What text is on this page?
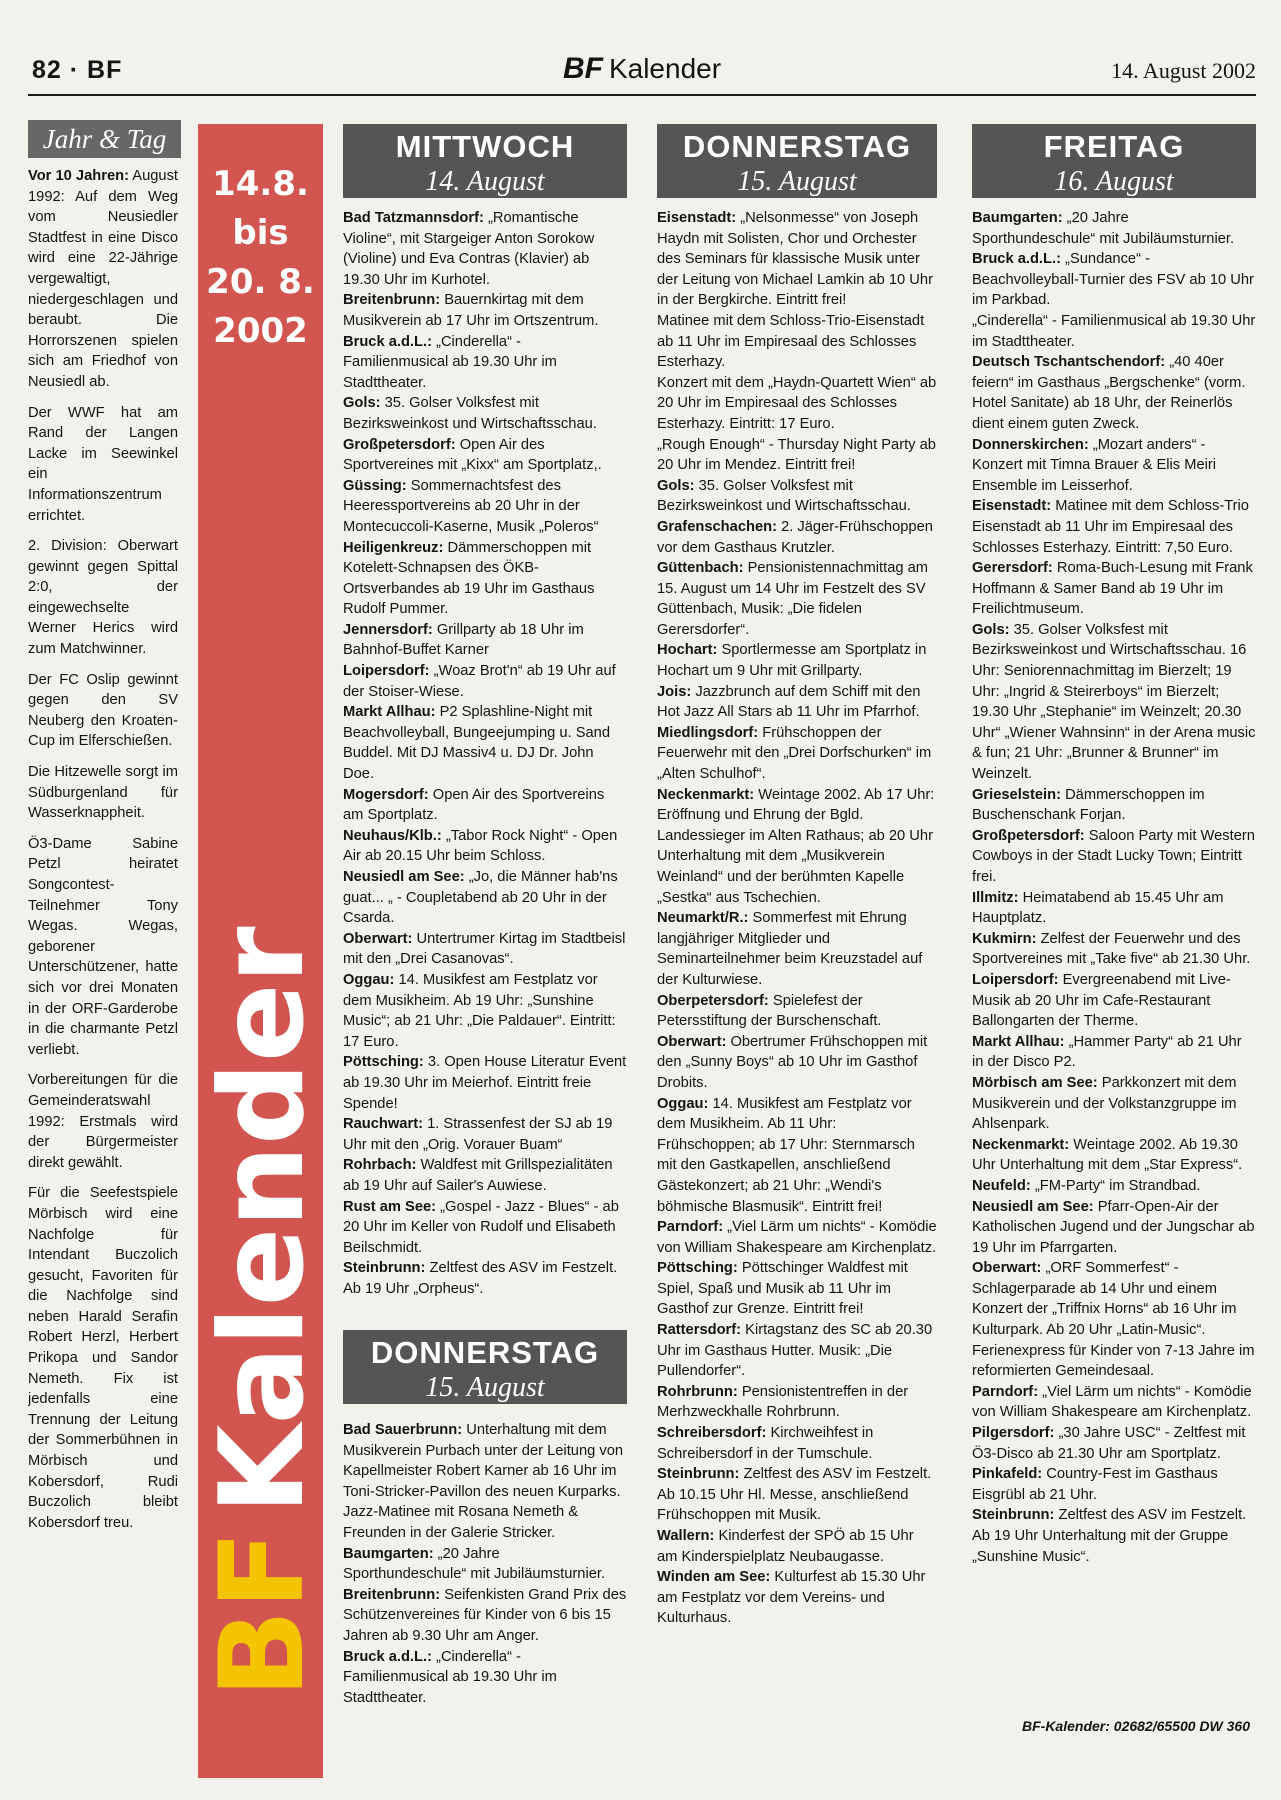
82 · BF	BF Kalender	14. August 2002
Jahr & Tag

Vor 10 Jahren: August 1992: Auf dem Weg vom Neusiedler Stadtfest in eine Disco wird eine 22-Jährige vergewaltigt, niedergeschlagen und beraubt. Die Horrorszenen spielen sich am Friedhof von Neusiedl ab.

Der WWF hat am Rand der Langen Lacke im Seewinkel ein Informationszentrum errichtet.

2. Division: Oberwart gewinnt gegen Spittal 2:0, der eingewechselte Werner Herics wird zum Matchwinner.

Der FC Oslip gewinnt gegen den SV Neuberg den Kroaten-Cup im Elferschießen.

Die Hitzewelle sorgt im Südburgenland für Wasserknappheit.

Ö3-Dame Sabine Petzl heiratet Songcontest-Teilnehmer Tony Wegas. Wegas, geborener Unterschützener, hatte sich vor drei Monaten in der ORF-Garderobe in die charmante Petzl verliebt.

Vorbereitungen für die Gemeinderatswahl 1992: Erstmals wird der Bürgermeister direkt gewählt.

Für die Seefestspiele Mörbisch wird eine Nachfolge für Intendant Buczolich gesucht, Favoriten für die Nachfolge sind neben Harald Serafin Robert Herzl, Herbert Prikopa und Sandor Nemeth. Fix ist jedenfalls eine Trennung der Leitung der Sommerbühnen in Mörbisch und Kobersdorf, Rudi Buczolich bleibt Kobersdorf treu.

14.8.
bis
20. 8.
2002
BFKalender
MITTWOCH
14. August

Bad Tatzmannsdorf: „Romantische Violine“, mit Stargeiger Anton Sorokow (Violine) und Eva Contras (Klavier) ab 19.30 Uhr im Kurhotel.

Breitenbrunn: Bauernkirtag mit dem Musikverein ab 17 Uhr im Ortszentrum.

Bruck a.d.L.: „Cinderella“ - Familienmusical ab 19.30 Uhr im Stadttheater.

Gols: 35. Golser Volksfest mit Bezirksweinkost und Wirtschaftsschau.

Großpetersdorf: Open Air des Sportvereines mit „Kixx“ am Sportplatz,.

Güssing: Sommernachtsfest des Heeressportvereins ab 20 Uhr in der Montecuccoli-Kaserne, Musik „Poleros“

Heiligenkreuz: Dämmerschoppen mit Kotelett-Schnapsen des ÖKB-Ortsverbandes ab 19 Uhr im Gasthaus Rudolf Pummer.

Jennersdorf: Grillparty ab 18 Uhr im Bahnhof-Buffet Karner

Loipersdorf: „Woaz Brot'n“ ab 19 Uhr auf der Stoiser-Wiese.

Markt Allhau: P2 Splashline-Night mit Beachvolleyball, Bungeejumping u. Sand Buddel. Mit DJ Massiv4 u. DJ Dr. John Doe.

Mogersdorf: Open Air des Sportvereins am Sportplatz.

Neuhaus/Klb.: „Tabor Rock Night“ - Open Air ab 20.15 Uhr beim Schloss.

Neusiedl am See: „Jo, die Männer hab'ns guat... „ - Coupletabend ab 20 Uhr in der Csarda.

Oberwart: Untertrumer Kirtag im Stadtbeisl mit den „Drei Casanovas“.

Oggau: 14. Musikfest am Festplatz vor dem Musikheim. Ab 19 Uhr: „Sunshine Music“; ab 21 Uhr: „Die Paldauer“. Eintritt: 17 Euro.

Pöttsching: 3. Open House Literatur Event ab 19.30 Uhr im Meierhof. Eintritt freie Spende!

Rauchwart: 1. Strassenfest der SJ ab 19 Uhr mit den „Orig. Vorauer Buam“

Rohrbach: Waldfest mit Grillspezialitäten ab 19 Uhr auf Sailer's Auwiese.

Rust am See: „Gospel - Jazz - Blues“ - ab 20 Uhr im Keller von Rudolf und Elisabeth Beilschmidt.

Steinbrunn: Zeltfest des ASV im Festzelt. Ab 19 Uhr „Orpheus“.

DONNERSTAG
15. August

Bad Sauerbrunn: Unterhaltung mit dem Musikverein Purbach unter der Leitung von Kapellmeister Robert Karner ab 16 Uhr im Toni-Stricker-Pavillon des neuen Kurparks.

Jazz-Matinee mit Rosana Nemeth & Freunden in der Galerie Stricker.

Baumgarten: „20 Jahre Sporthundeschule“ mit Jubiläumsturnier.

Breitenbrunn: Seifenkisten Grand Prix des Schützenvereines für Kinder von 6 bis 15 Jahren ab 9.30 Uhr am Anger.

Bruck a.d.L.: „Cinderella“ - Familienmusical ab 19.30 Uhr im Stadttheater.

DONNERSTAG
15. August

Eisenstadt: „Nelsonmesse“ von Joseph Haydn mit Solisten, Chor und Orchester des Seminars für klassische Musik unter der Leitung von Michael Lamkin ab 10 Uhr in der Bergkirche. Eintritt frei!

Matinee mit dem Schloss-Trio-Eisenstadt ab 11 Uhr im Empiresaal des Schlosses Esterhazy.

Konzert mit dem „Haydn-Quartett Wien“ ab 20 Uhr im Empiresaal des Schlosses Esterhazy. Eintritt: 17 Euro.

„Rough Enough“ - Thursday Night Party ab 20 Uhr im Mendez. Eintritt frei!

Gols: 35. Golser Volksfest mit Bezirksweinkost und Wirtschaftsschau.

Grafenschachen: 2. Jäger-Frühschoppen vor dem Gasthaus Krutzler.

Güttenbach: Pensionistennachmittag am 15. August um 14 Uhr im Festzelt des SV Güttenbach, Musik: „Die fidelen Gerersdorfer“.

Hochart: Sportlermesse am Sportplatz in Hochart um 9 Uhr mit Grillparty.

Jois: Jazzbrunch auf dem Schiff mit den Hot Jazz All Stars ab 11 Uhr im Pfarrhof.

Miedlingsdorf: Frühschoppen der Feuerwehr mit den „Drei Dorfschurken“ im „Alten Schulhof“.

Neckenmarkt: Weintage 2002. Ab 17 Uhr: Eröffnung und Ehrung der Bgld. Landessieger im Alten Rathaus; ab 20 Uhr Unterhaltung mit dem „Musikverein Weinland“ und der berühmten Kapelle „Sestka“ aus Tschechien.

Neumarkt/R.: Sommerfest mit Ehrung langjähriger Mitglieder und Seminarteilnehmer beim Kreuzstadel auf der Kulturwiese.

Oberpetersdorf: Spielefest der Petersstiftung der Burschenschaft.

Oberwart: Obertrumer Frühschoppen mit den „Sunny Boys“ ab 10 Uhr im Gasthof Drobits.

Oggau: 14. Musikfest am Festplatz vor dem Musikheim. Ab 11 Uhr: Frühschoppen; ab 17 Uhr: Sternmarsch mit den Gastkapellen, anschließend Gästekonzert; ab 21 Uhr: „Wendi's böhmische Blasmusik“. Eintritt frei!

Parndorf: „Viel Lärm um nichts“ - Komödie von William Shakespeare am Kirchenplatz.

Pöttsching: Pöttschinger Waldfest mit Spiel, Spaß und Musik ab 11 Uhr im Gasthof zur Grenze. Eintritt frei!

Rattersdorf: Kirtagstanz des SC ab 20.30 Uhr im Gasthaus Hutter. Musik: „Die Pullendorfer“.

Rohrbrunn: Pensionistentreffen in der Merhzweckhalle Rohrbrunn.

Schreibersdorf: Kirchweihfest in Schreibersdorf in der Tumschule.

Steinbrunn: Zeltfest des ASV im Festzelt. Ab 10.15 Uhr Hl. Messe, anschließend Frühschoppen mit Musik.

Wallern: Kinderfest der SPÖ ab 15 Uhr am Kinderspielplatz Neubaugasse.

Winden am See: Kulturfest ab 15.30 Uhr am Festplatz vor dem Vereins- und Kulturhaus.

FREITAG
16. August

Baumgarten: „20 Jahre Sporthundeschule“ mit Jubiläumsturnier.

Bruck a.d.L.: „Sundance“ - Beachvolleyball-Turnier des FSV ab 10 Uhr im Parkbad.

„Cinderella“ - Familienmusical ab 19.30 Uhr im Stadttheater.

Deutsch Tschantschendorf: „40 40er feiern“ im Gasthaus „Bergschenke“ (vorm. Hotel Sanitate) ab 18 Uhr, der Reinerlös dient einem guten Zweck.

Donnerskirchen: „Mozart anders“ - Konzert mit Timna Brauer & Elis Meiri Ensemble im Leisserhof.

Eisenstadt: Matinee mit dem Schloss-Trio Eisenstadt ab 11 Uhr im Empiresaal des Schlosses Esterhazy. Eintritt: 7,50 Euro.

Gerersdorf: Roma-Buch-Lesung mit Frank Hoffmann & Samer Band ab 19 Uhr im Freilichtmuseum.

Gols: 35. Golser Volksfest mit Bezirksweinkost und Wirtschaftsschau. 16 Uhr: Seniorennachmittag im Bierzelt; 19 Uhr: „Ingrid & Steirerboys“ im Bierzelt; 19.30 Uhr „Stephanie“ im Weinzelt; 20.30 Uhr“ „Wiener Wahnsinn“ in der Arena music & fun; 21 Uhr: „Brunner & Brunner“ im Weinzelt.

Grieselstein: Dämmerschoppen im Buschenschank Forjan.

Großpetersdorf: Saloon Party mit Western Cowboys in der Stadt Lucky Town; Eintritt frei.

Illmitz: Heimatabend ab 15.45 Uhr am Hauptplatz.

Kukmirn: Zelfest der Feuerwehr und des Sportvereines mit „Take five“ ab 21.30 Uhr.

Loipersdorf: Evergreenabend mit Live-Musik ab 20 Uhr im Cafe-Restaurant Ballongarten der Therme.

Markt Allhau: „Hammer Party“ ab 21 Uhr in der Disco P2.

Mörbisch am See: Parkkonzert mit dem Musikverein und der Volkstanzgruppe im Ahlsenpark.

Neckenmarkt: Weintage 2002. Ab 19.30 Uhr Unterhaltung mit dem „Star Express“.

Neufeld: „FM-Party“ im Strandbad.

Neusiedl am See: Pfarr-Open-Air der Katholischen Jugend und der Jungschar ab 19 Uhr im Pfarrgarten.

Oberwart: „ORF Sommerfest“ - Schlagerparade ab 14 Uhr und einem Konzert der „Triffnix Horns“ ab 16 Uhr im Kulturpark. Ab 20 Uhr „Latin-Music“. Ferienexpress für Kinder von 7-13 Jahre im reformierten Gemeindesaal.

Parndorf: „Viel Lärm um nichts“ - Komödie von William Shakespeare am Kirchenplatz.

Pilgersdorf: „30 Jahre USC“ - Zeltfest mit Ö3-Disco ab 21.30 Uhr am Sportplatz.

Pinkafeld: Country-Fest im Gasthaus Eisgrübl ab 21 Uhr.

Steinbrunn: Zeltfest des ASV im Festzelt. Ab 19 Uhr Unterhaltung mit der Gruppe „Sunshine Music“.

BF-Kalender: 02682/65500 DW 360
